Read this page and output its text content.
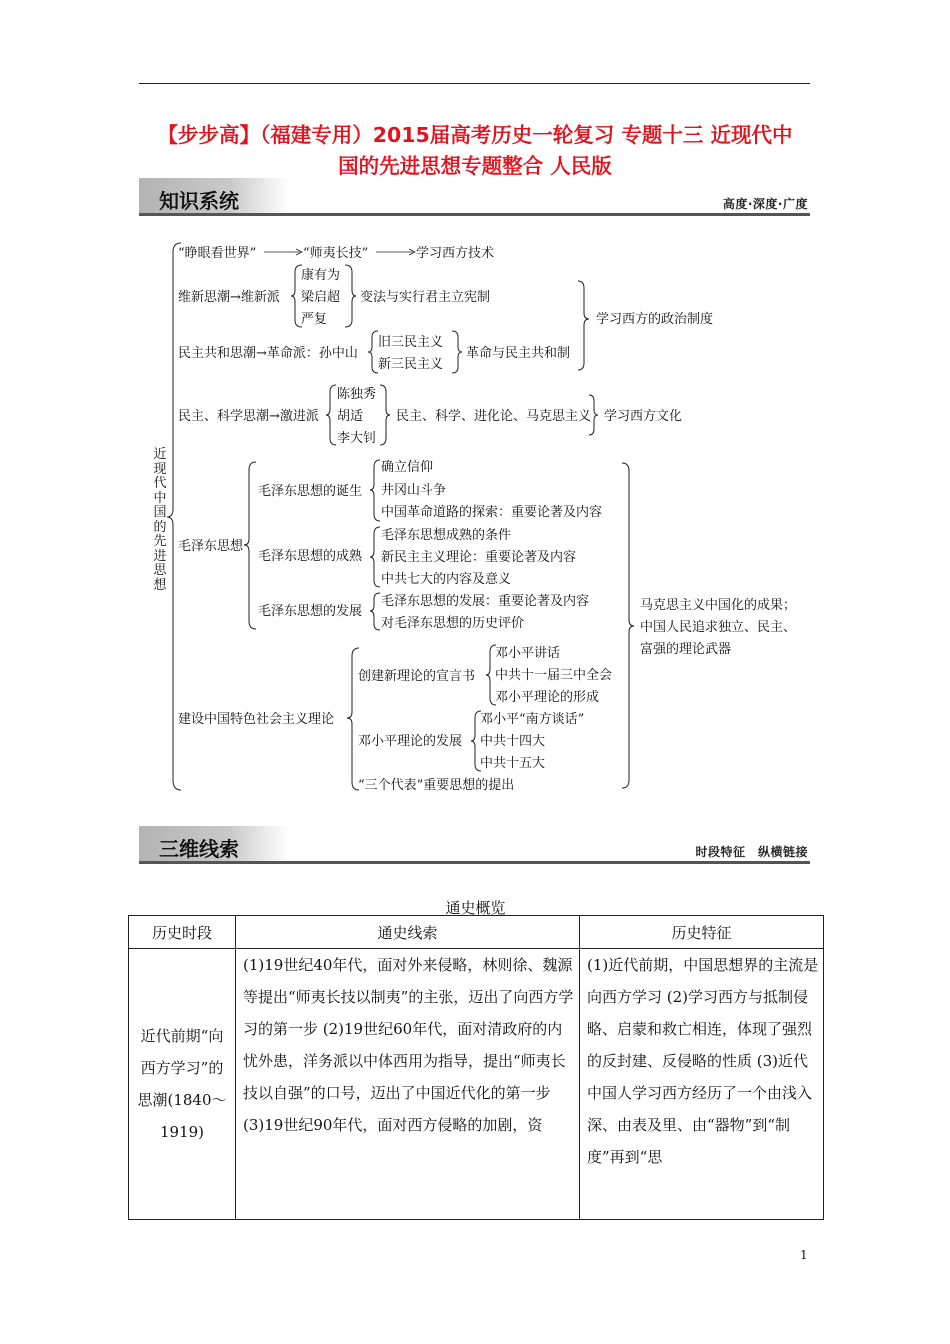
【步步高】（福建专用）2015届高考历史一轮复习 专题十三 近现代中
国的先进思想专题整合 人民版
知识系统	高度·深度·广度
近现代中国的先进思想
“睁眼看世界”	“师夷长技”	学习西方技术
维新思潮→维新派
康有为
梁启超
严复
变法与实行君主立宪制
民主共和思潮→革命派：孙中山
旧三民主义
新三民主义
革命与民主共和制
学习西方的政治制度
民主、科学思潮→激进派
陈独秀
胡适
李大钊
民主、科学、进化论、马克思主义 学习西方文化
毛泽东思想
毛泽东思想的诞生
确立信仰
井冈山斗争
中国革命道路的探索：重要论著及内容
毛泽东思想的成熟
毛泽东思想成熟的条件
新民主主义理论：重要论著及内容
中共七大的内容及意义
毛泽东思想的发展
毛泽东思想的发展：重要论著及内容
对毛泽东思想的历史评价
建设中国特色社会主义理论
创建新理论的宣言书
邓小平讲话
中共十一届三中全会
邓小平理论的形成
邓小平理论的发展
邓小平“南方谈话”
中共十四大
中共十五大
“三个代表”重要思想的提出
马克思主义中国化的成果；
中国人民追求独立、民主、
富强的理论武器
三维线索	时段特征　纵横链接
通史概览
历史时段	通史线索	历史特征
近代前期“向西方学习”的思潮(1840～1919)	(1)19世纪40年代，面对外来侵略，林则徐、魏源等提出“师夷长技以制夷”的主张，迈出了向西方学习的第一步 (2)19世纪60年代，面对清政府的内忧外患，洋务派以中体西用为指导，提出“师夷长技以自强”的口号，迈出了中国近代化的第一步 (3)19世纪90年代，面对西方侵略的加剧，资	(1)近代前期，中国思想界的主流是向西方学习 (2)学习西方与抵制侵略、启蒙和救亡相连，体现了强烈的反封建、反侵略的性质 (3)近代中国人学习西方经历了一个由浅入深、由表及里、由“器物”到“制度”再到“思
1
